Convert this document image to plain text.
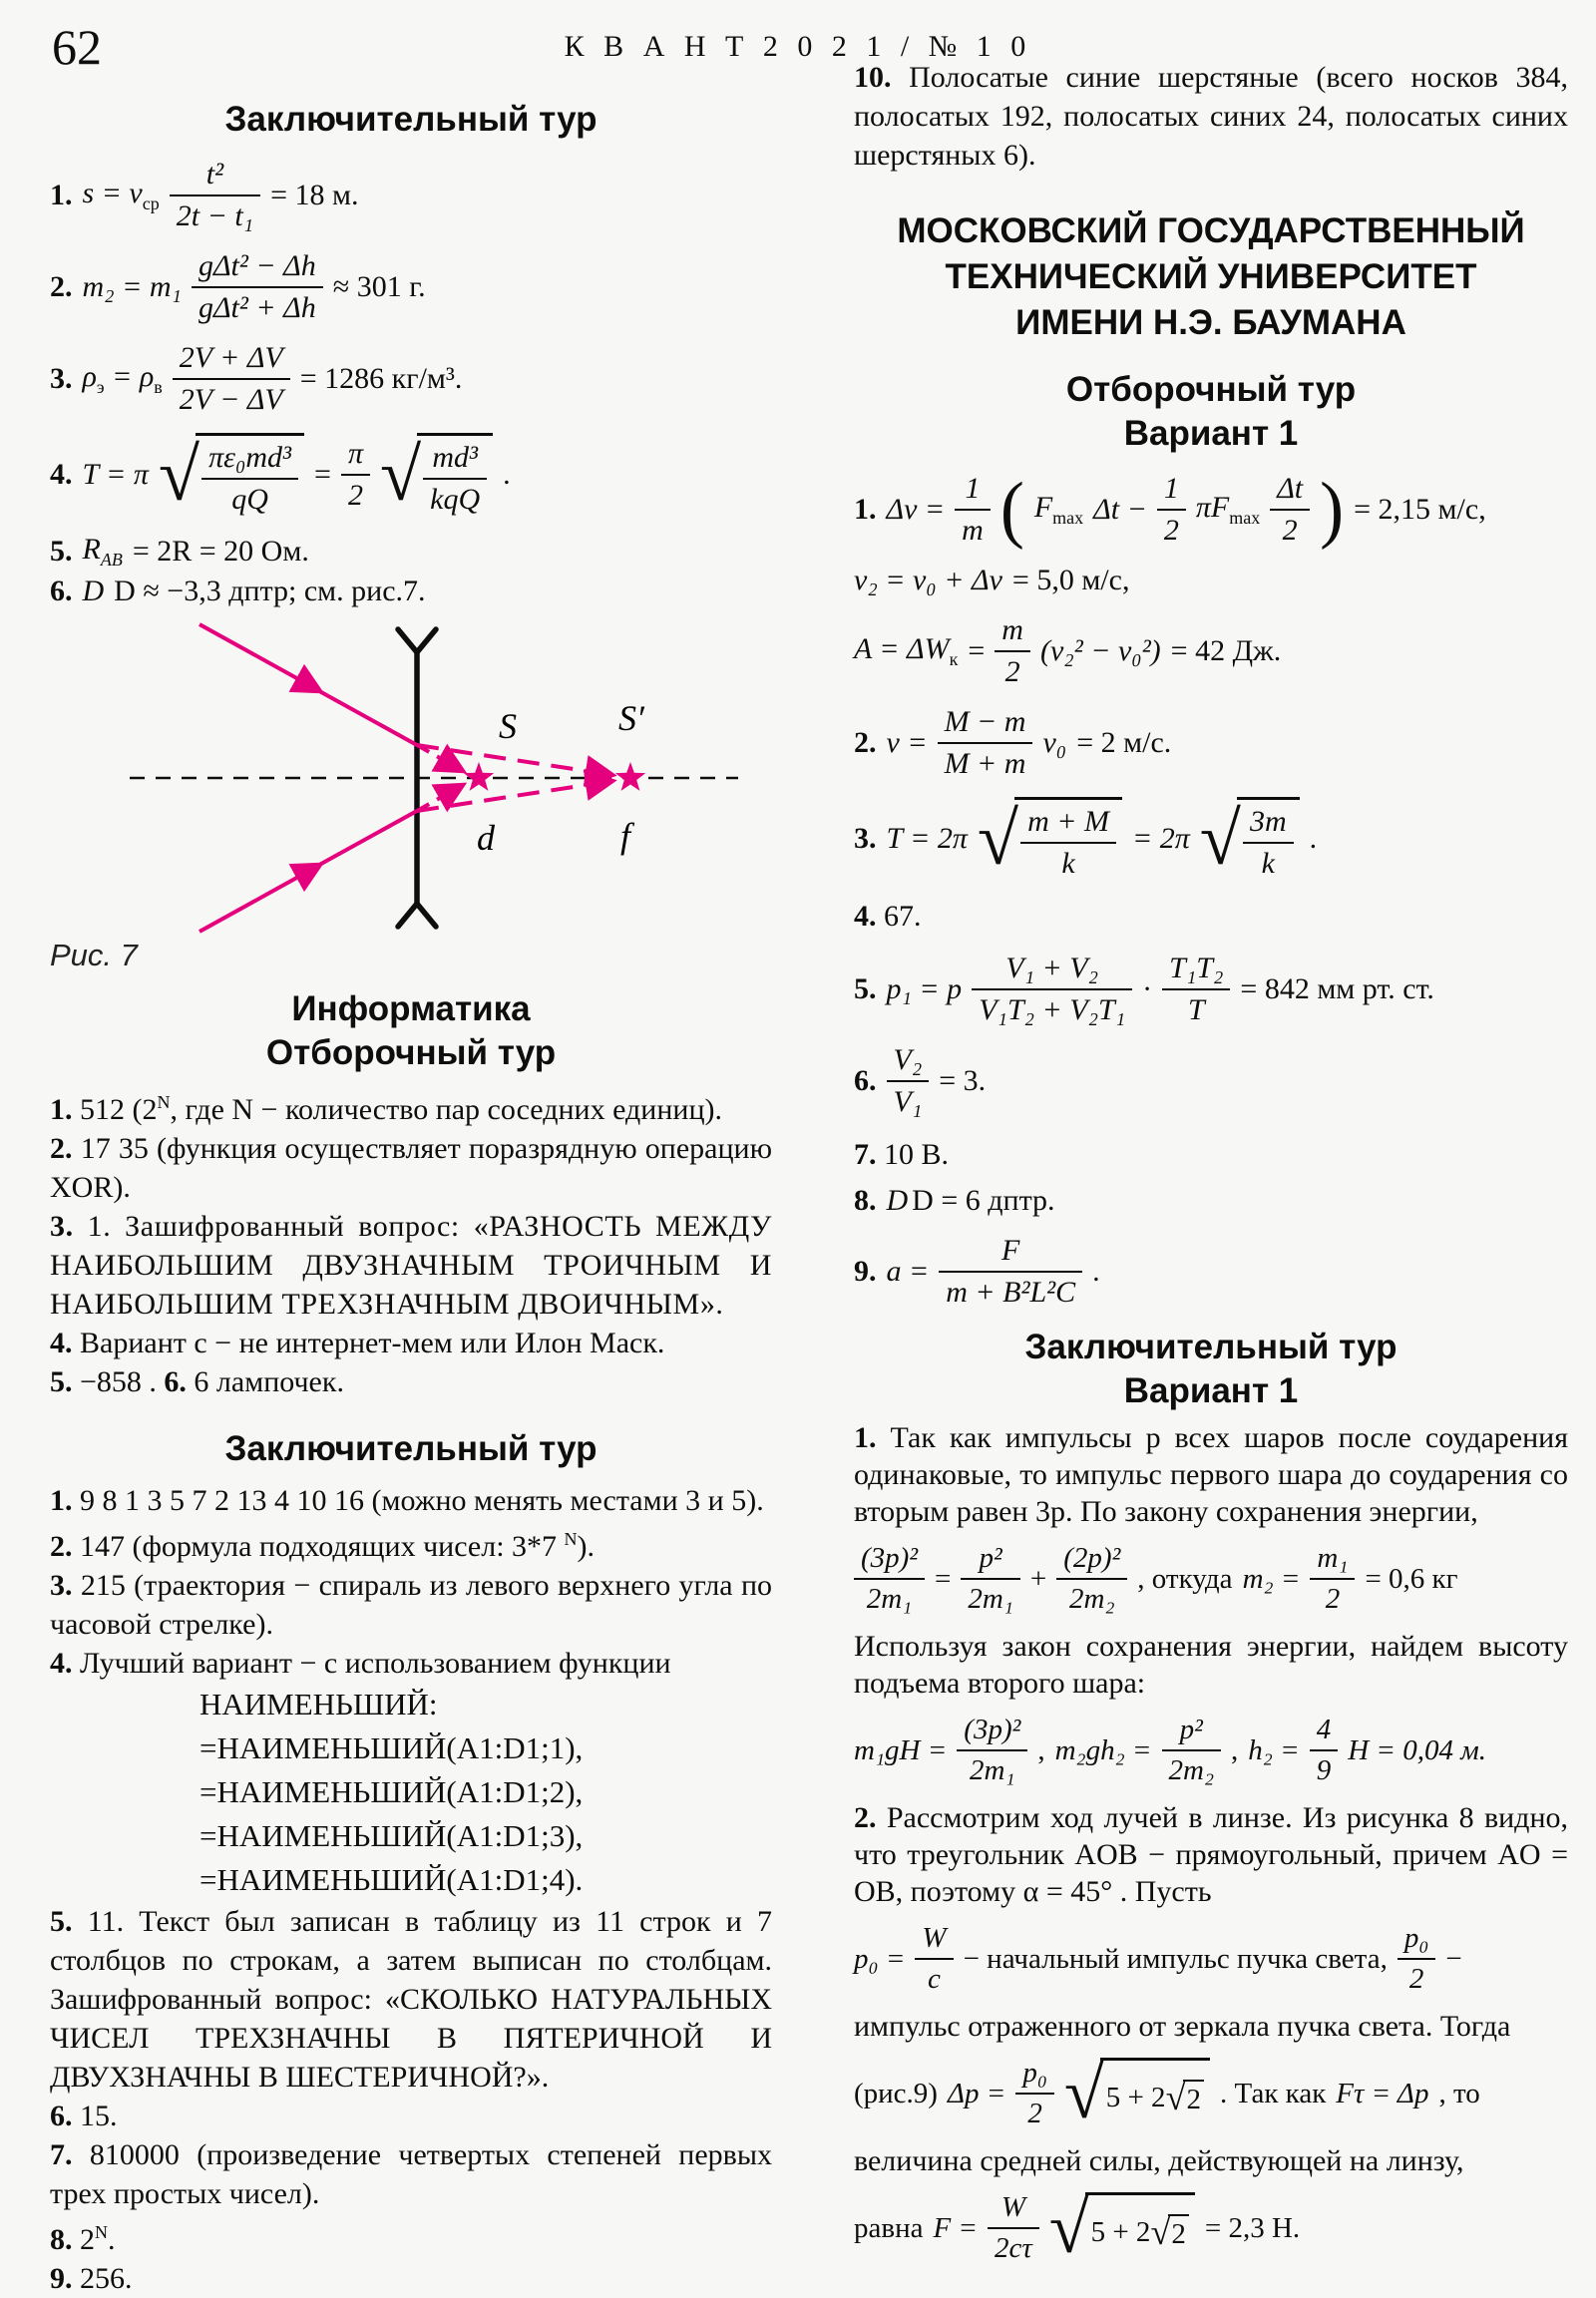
62	К В А Н Т 2 0 2 1 / № 1 0
Заключительный тур
1. $s = v_{ср} \frac{\text{t²}}{\text{2t − t₁}} = 18$ м.
2. $m_2 = m_1 \frac{\text{gΔt² − Δh}}{\text{gΔt² + Δh}} \approx 301$ г.
3. $\rho_э = \rho_в \frac{2V + \Delta V}{2V - \Delta V} = 1286$ кг/м³.
4. T = π √ $\frac{\text{πε₀md³}}{qQ} = \frac{\pi}{2}$ √ $\frac{\text{md³}}{\text{kqQ}}$ .
5. $R_{AB} = 2R = 20$ Ом.
6. D D ≈ −3,3 дптр; см. рис.7.
S	S′
d	f

Рис. 7

Информатика
Отборочный тур

1. 512 ($2^N$, где N − количество пар соседних единиц).

2. 17 35 (функция осуществляет поразрядную операцию XOR).

3. 1. Зашифрованный вопрос: «РАЗНОСТЬ МЕЖДУ НАИБОЛЬШИМ ДВУЗНАЧНЫМ ТРОИЧНЫМ И НАИБОЛЬШИМ ТРЕХЗНАЧНЫМ ДВОИЧНЫМ».

4. Вариант c − не интернет-мем или Илон Маск.

5. −858 . 6. 6 лампочек.

Заключительный тур

1. 9 8 1 3 5 7 2 13 4 10 16 (можно менять местами 3 и 5).

2. 147 (формула подходящих чисел: 3*7 $^N$).

3. 215 (траектория − спираль из левого верхнего угла по часовой стрелке).

4. Лучший вариант − с использованием функции

НАИМЕНЬШИЙ:
=НАИМЕНЬШИЙ(А1:D1;1),
=НАИМЕНЬШИЙ(А1:D1;2),
=НАИМЕНЬШИЙ(А1:D1;3),
=НАИМЕНЬШИЙ(А1:D1;4).

5. 11. Текст был записан в таблицу из 11 строк и 7 столбцов по строкам, а затем выписан по столбцам. Зашифрованный вопрос: «СКОЛЬКО НАТУРАЛЬНЫХ ЧИСЕЛ ТРЕХЗНАЧНЫ В ПЯТЕРИЧНОЙ И ДВУХЗНАЧНЫ В ШЕСТЕРИЧНОЙ?».

6. 15.

7. 810000 (произведение четвертых степеней первых трех простых чисел).

8. $2^N$.

9. 256.

10. Полосатые синие шерстяные (всего носков 384, полосатых 192, полосатых синих 24, полосатых синих шерстяных 6).

МОСКОВСКИЙ ГОСУДАРСТВЕННЫЙ
ТЕХНИЧЕСКИЙ УНИВЕРСИТЕТ
ИМЕНИ Н.Э. БАУМАНА
Отборочный тур
Вариант 1
1. $\Delta v = \frac{1}{m}$ ( $F_{max}$ $\Delta t - \frac{1}{2} \pi F_{max} \frac{\Delta t}{2}$ ) = 2,15 м/с,
v₂ = v₀ + Δv = 5,0 м/с,
$A = \Delta W_к = \frac{m}{2} (v_2^2 - v_0^2) = 42$ Дж.
2. $v = \frac{M - m}{M + m} v_0 = 2$ м/с.
3. T = 2π √ $\frac{m + M}{k} = 2\pi$ √ $\frac{3m}{k}$ .

4. 67.

5. p₁ = p $\frac{\text{V₁ + V₂}}{\text{V₁T₂ + V₂T₁}} \cdot \frac{\text{T₁T₂}}{T} = 842$ мм рт. ст.
6. $\frac{\text{V₂}}{\text{V₁}} = 3$.

7. 10 В.

8. D D = 6 дптр.
9. $a = \frac{F}{\text{m + B²L²C}}$ .
Заключительный тур
Вариант 1

1. Так как импульсы p всех шаров после соударения одинаковые, то импульс первого шара до соударения со вторым равен 3p. По закону сохранения энергии,

$\frac{\text{(3p)²}}{\text{2m₁}} = \frac{\text{p²}}{\text{2m₁}} + \frac{\text{(2p)²}}{\text{2m₂}}$ , откуда $m_2 = \frac{\text{m₁}}{2} = 0,6$ кг

Используя закон сохранения энергии, найдем высоту подъема второго шара:

$m_1gH = \frac{\text{(3p)²}}{\text{2m₁}}$ , $m_2gh_2 = \frac{\text{p²}}{\text{2m₂}}$ , $h_2 = \frac{4}{9}$ H = 0,04 м.

2. Рассмотрим ход лучей в линзе. Из рисунка 8 видно, что треугольник AOB − прямоугольный, причем AO = OB, поэтому α = 45° . Пусть

$p_0 = \frac{W}{c}$ − начальный импульс пучка света, $\frac{\text{p₀}}{2}$ −

импульс отраженного от зеркала пучка света. Тогда

(рис.9) $\Delta p = \frac{\text{p₀}}{2}$ √ 5 + 2 √ 2 . Так как Fτ = Δp , то

величина средней силы, действующей на линзу,

равна $F = \frac{W}{2c\tau}$ √ 5 + 2 √ 2 = 2,3 Н.
